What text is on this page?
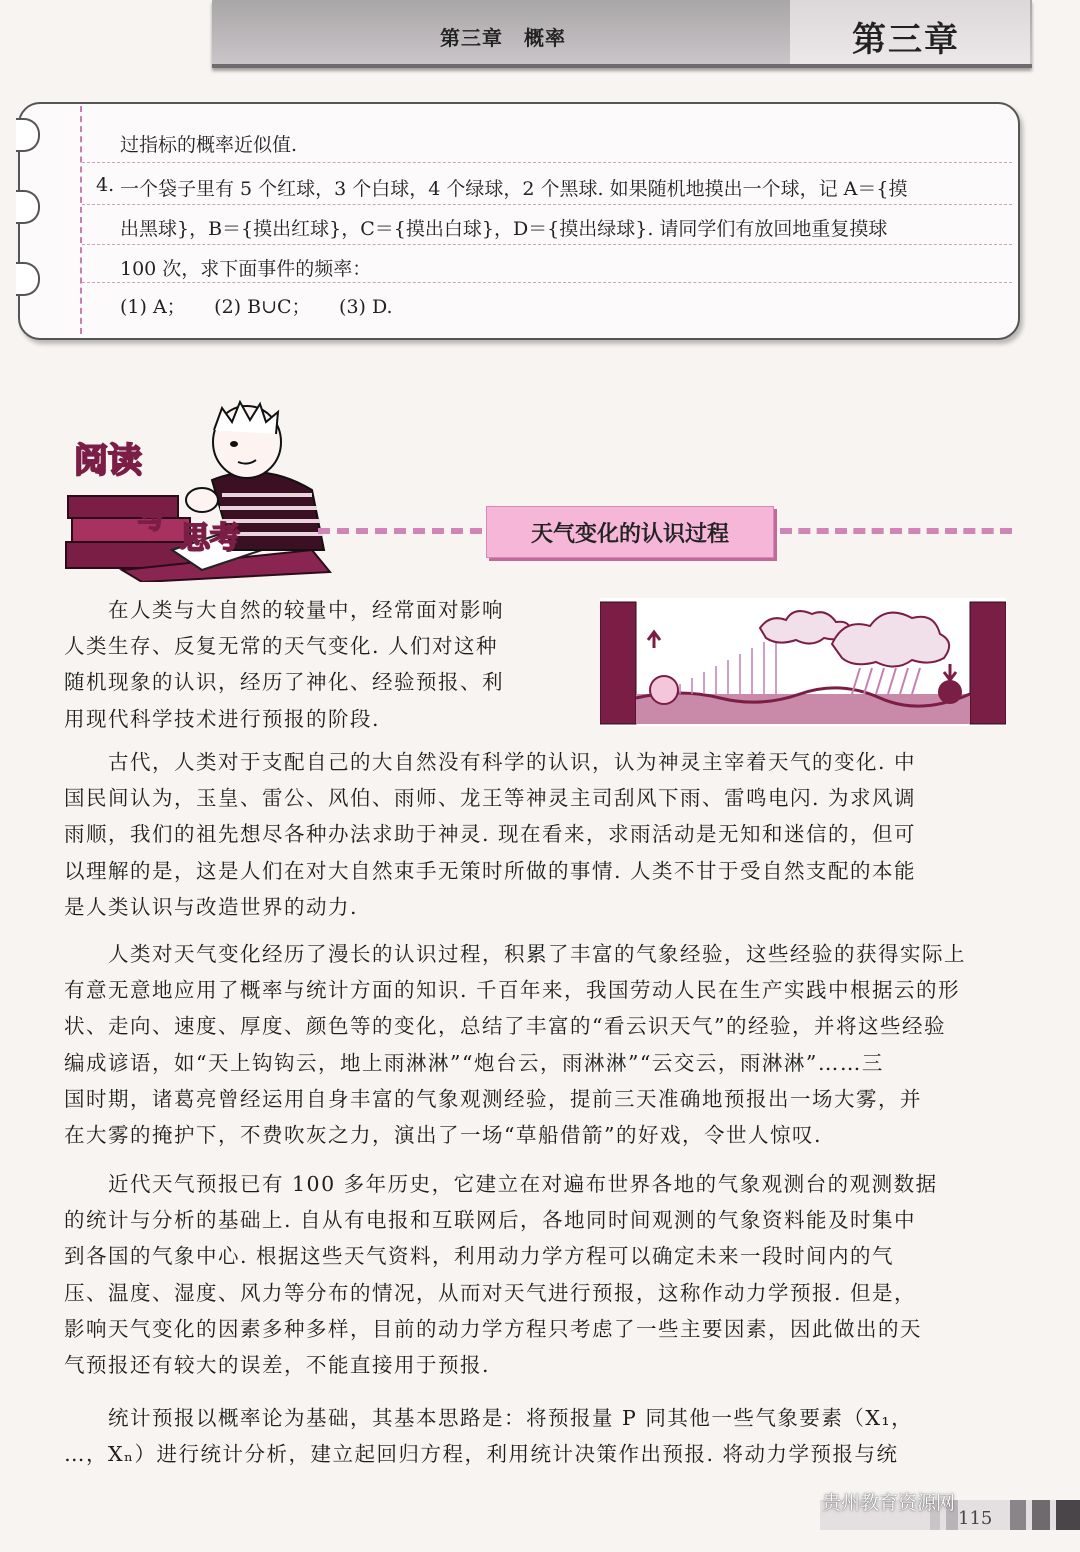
第三章　概率	第三章
过指标的概率近似值.
4. 一个袋子里有 5 个红球，3 个白球，4 个绿球，2 个黑球. 如果随机地摸出一个球，记 A＝{摸
出黑球}，B＝{摸出红球}，C＝{摸出白球}，D＝{摸出绿球}. 请同学们有放回地重复摸球
100 次，求下面事件的频率：
(1) A；　　(2) B∪C；　　(3) D.
阅读
与
思考	天气变化的认识过程
　　在人类与大自然的较量中，经常面对影响
人类生存、反复无常的天气变化. 人们对这种
随机现象的认识，经历了神化、经验预报、利
用现代科学技术进行预报的阶段.
　　古代，人类对于支配自己的大自然没有科学的认识，认为神灵主宰着天气的变化. 中
国民间认为，玉皇、雷公、风伯、雨师、龙王等神灵主司刮风下雨、雷鸣电闪. 为求风调
雨顺，我们的祖先想尽各种办法求助于神灵. 现在看来，求雨活动是无知和迷信的，但可
以理解的是，这是人们在对大自然束手无策时所做的事情. 人类不甘于受自然支配的本能
是人类认识与改造世界的动力.
　　人类对天气变化经历了漫长的认识过程，积累了丰富的气象经验，这些经验的获得实际上
有意无意地应用了概率与统计方面的知识. 千百年来，我国劳动人民在生产实践中根据云的形
状、走向、速度、厚度、颜色等的变化，总结了丰富的“看云识天气”的经验，并将这些经验
编成谚语，如“天上钩钩云，地上雨淋淋”“炮台云，雨淋淋”“云交云，雨淋淋”……三
国时期，诸葛亮曾经运用自身丰富的气象观测经验，提前三天准确地预报出一场大雾，并
在大雾的掩护下，不费吹灰之力，演出了一场“草船借箭”的好戏，令世人惊叹.
　　近代天气预报已有 100 多年历史，它建立在对遍布世界各地的气象观测台的观测数据
的统计与分析的基础上. 自从有电报和互联网后，各地同时间观测的气象资料能及时集中
到各国的气象中心. 根据这些天气资料，利用动力学方程可以确定未来一段时间内的气
压、温度、湿度、风力等分布的情况，从而对天气进行预报，这称作动力学预报. 但是，
影响天气变化的因素多种多样，目前的动力学方程只考虑了一些主要因素，因此做出的天
气预报还有较大的误差，不能直接用于预报.
　　统计预报以概率论为基础，其基本思路是：将预报量 P 同其他一些气象要素（X₁，
…，Xₙ）进行统计分析，建立起回归方程，利用统计决策作出预报. 将动力学预报与统
115
贵州教育资源网
